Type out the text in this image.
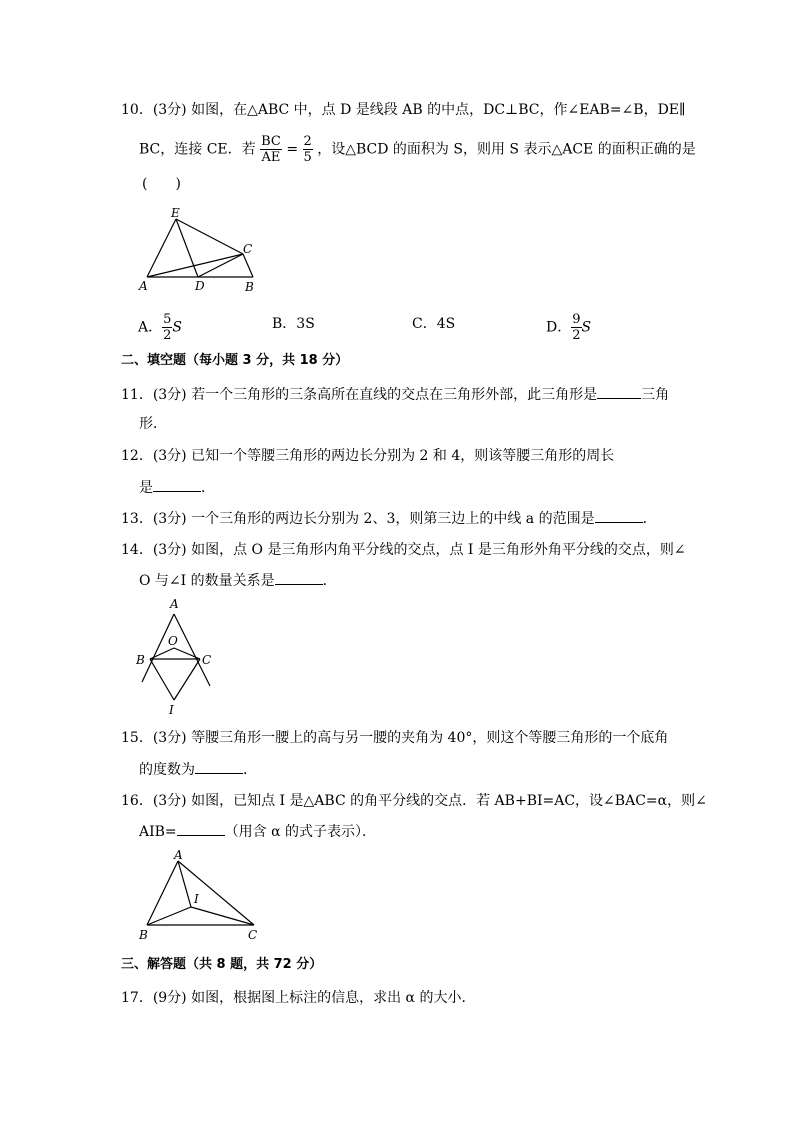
10．(3分) 如图，在△ABC 中，点 D 是线段 AB 的中点，DC⊥BC，作∠EAB=∠B，DE∥
BC，连接 CE．若 $\frac{BC}{AE} = \frac{2}{5}$ ，设△BCD 的面积为 S，则用 S 表示△ACE 的面积正确的是
(　　)
E
C
A	D	B
A． $\frac{5}{2}$ S	B．3S	C．4S	D． $\frac{9}{2}$ S
二、填空题（每小题 3 分，共 18 分）
11．(3分) 若一个三角形的三条高所在直线的交点在三角形外部，此三角形是	三角
形．
12．(3分) 已知一个等腰三角形的两边长分别为 2 和 4，则该等腰三角形的周长
是	．
13．(3分) 一个三角形的两边长分别为 2、3，则第三边上的中线 a 的范围是	．
14．(3分) 如图，点 O 是三角形内角平分线的交点，点 I 是三角形外角平分线的交点，则∠
O 与∠I 的数量关系是	．
A
O
B	C
I
15．(3分) 等腰三角形一腰上的高与另一腰的夹角为 40°，则这个等腰三角形的一个底角
的度数为	．
16．(3分) 如图，已知点 I 是△ABC 的角平分线的交点．若 AB+BI=AC，设∠BAC=α，则∠
AIB=	（用含 α 的式子表示）．
A
I
B	C
三、解答题（共 8 题，共 72 分）
17．(9分) 如图，根据图上标注的信息，求出 α 的大小．
